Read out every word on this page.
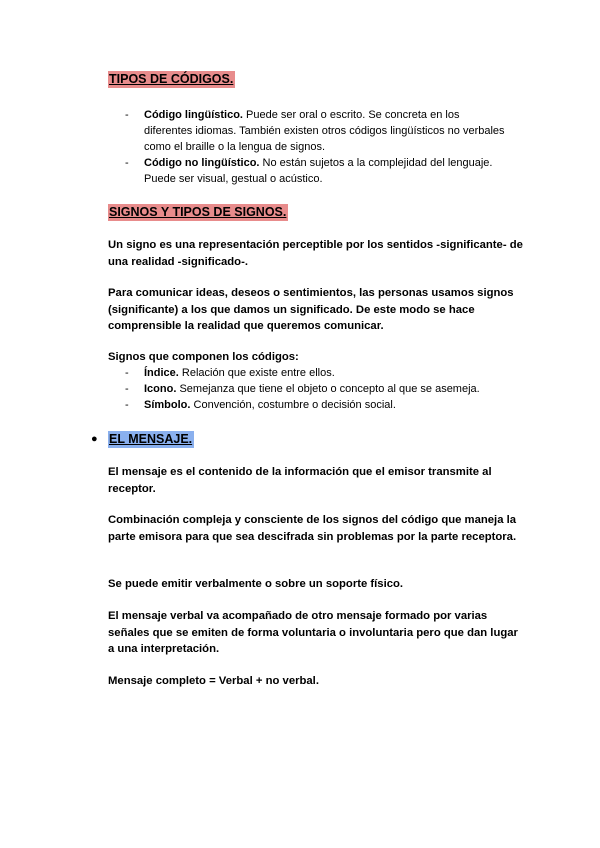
TIPOS DE CÓDIGOS.
-	Código lingüístico. Puede ser oral o escrito. Se concreta en los diferentes idiomas. También existen otros códigos lingüísticos no verbales como el braille o la lengua de signos.
-	Código no lingüístico. No están sujetos a la complejidad del lenguaje. Puede ser visual, gestual o acústico.
SIGNOS Y TIPOS DE SIGNOS.

Un signo es una representación perceptible por los sentidos -significante- de una realidad -significado-.

Para comunicar ideas, deseos o sentimientos, las personas usamos signos (significante) a los que damos un significado. De este modo se hace comprensible la realidad que queremos comunicar.

Signos que componen los códigos:

-	Índice. Relación que existe entre ellos.
-	Icono. Semejanza que tiene el objeto o concepto al que se asemeja.
-	Símbolo. Convención, costumbre o decisión social.
● EL MENSAJE.

El mensaje es el contenido de la información que el emisor transmite al receptor.

Combinación compleja y consciente de los signos del código que maneja la parte emisora para que sea descifrada sin problemas por la parte receptora.

Se puede emitir verbalmente o sobre un soporte físico.

El mensaje verbal va acompañado de otro mensaje formado por varias señales que se emiten de forma voluntaria o involuntaria pero que dan lugar a una interpretación.

Mensaje completo = Verbal + no verbal.
